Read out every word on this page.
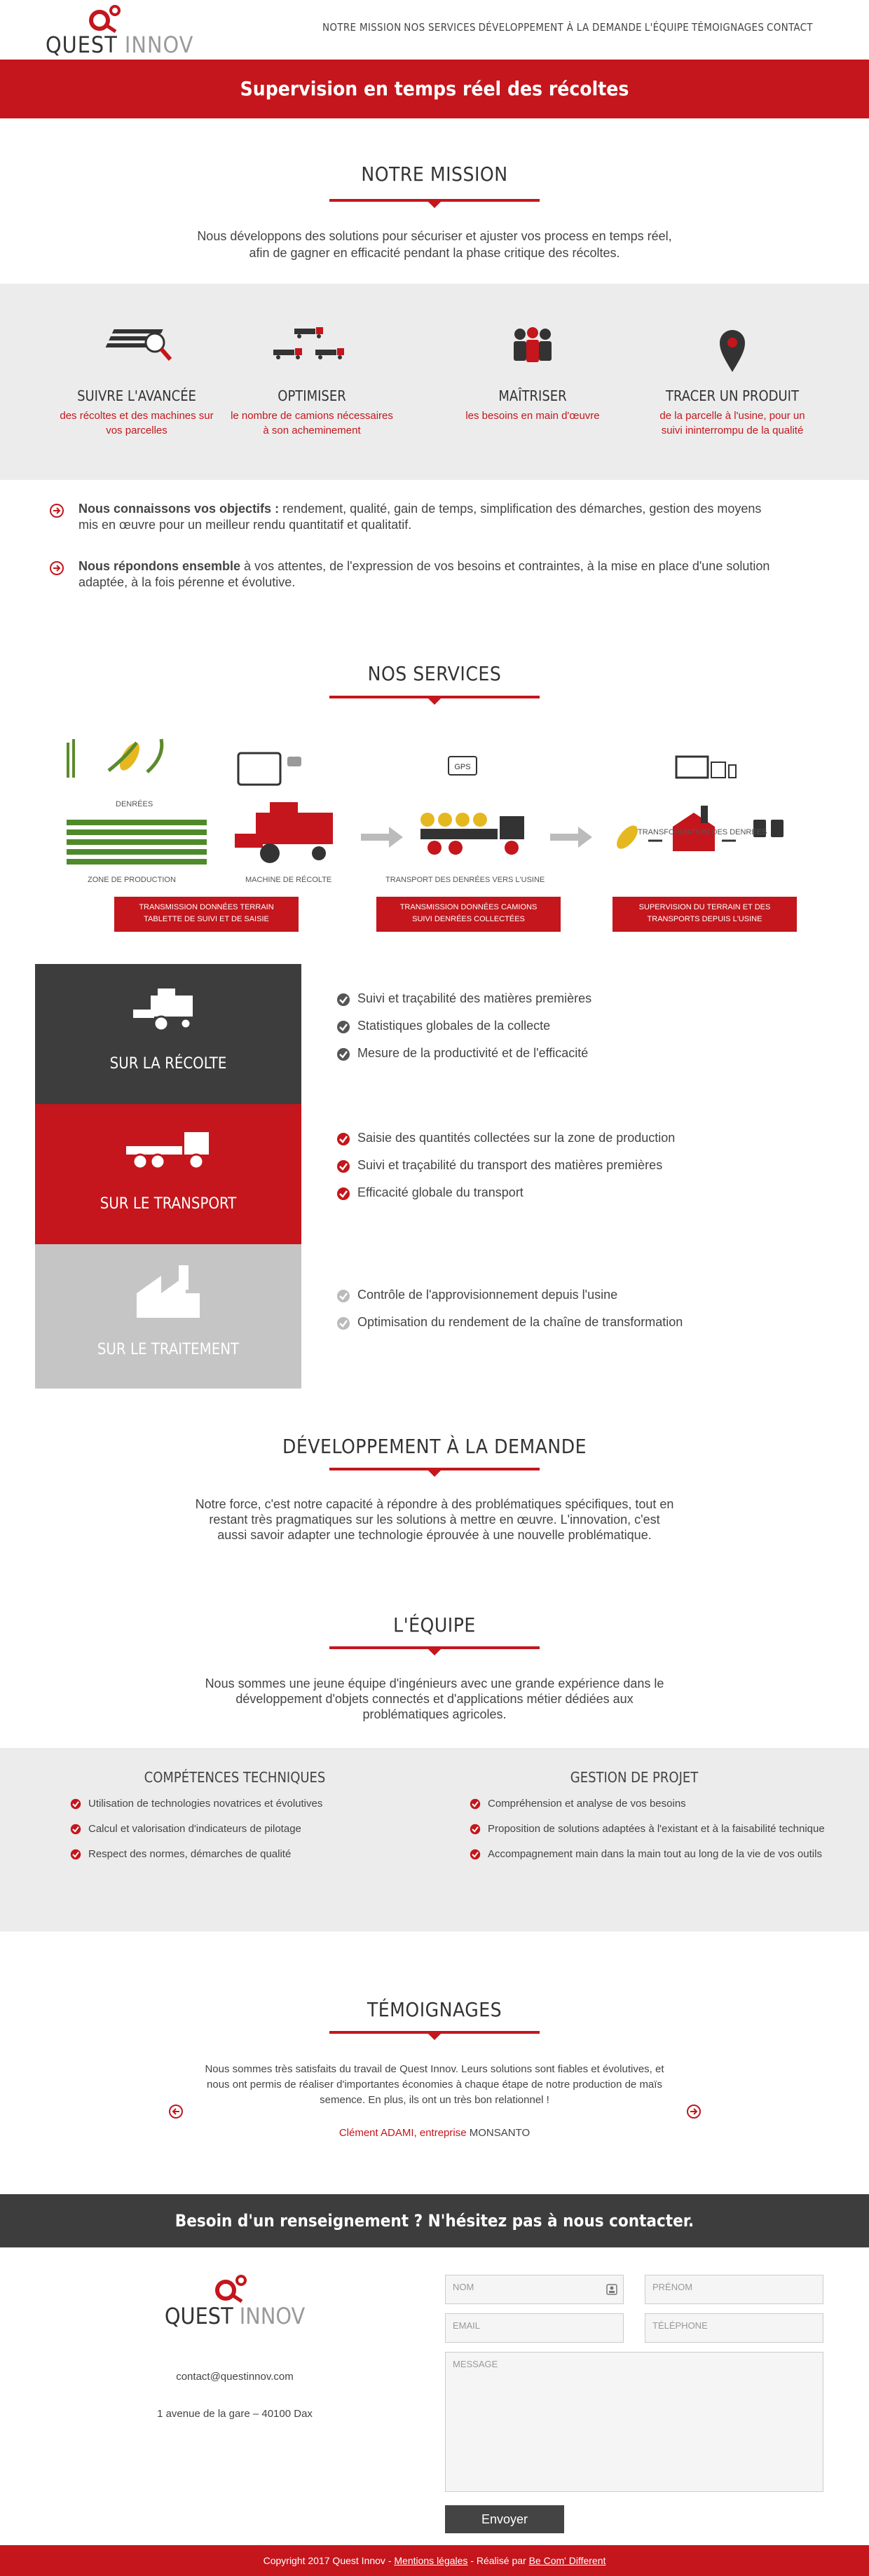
QUEST INNOV
NOTRE MISSION NOS SERVICES DÉVELOPPEMENT À LA DEMANDE L'ÉQUIPE TÉMOIGNAGES CONTACT
Supervision en temps réel des récoltes
NOTRE MISSION
Nous développons des solutions pour sécuriser et ajuster vos process en temps réel,
afin de gagner en efficacité pendant la phase critique des récoltes.
SUIVRE L'AVANCÉE
des récoltes et des machines sur
vos parcelles
OPTIMISER
le nombre de camions nécessaires
à son acheminement
MAÎTRISER
les besoins en main d'œuvre
TRACER UN PRODUIT
de la parcelle à l'usine, pour un
suivi ininterrompu de la qualité
Nous connaissons vos objectifs : rendement, qualité, gain de temps, simplification des démarches, gestion des moyens
mis en œuvre pour un meilleur rendu quantitatif et qualitatif.
Nous répondons ensemble à vos attentes, de l'expression de vos besoins et contraintes, à la mise en place d'une solution
adaptée, à la fois pérenne et évolutive.
NOS SERVICES
GPS
DENRÉES
ZONE DE PRODUCTION	MACHINE DE RÉCOLTE	TRANSPORT DES DENRÉES VERS L'USINE
TRANSFORMATION DES DENRÉES
TRANSMISSION DONNÉES TERRAIN
TABLETTE DE SUIVI ET DE SAISIE
TRANSMISSION DONNÉES CAMIONS
SUIVI DENRÉES COLLECTÉES
SUPERVISION DU TERRAIN ET DES
TRANSPORTS DEPUIS L'USINE
SUR LA RÉCOLTE
Suivi et traçabilité des matières premières
Statistiques globales de la collecte
Mesure de la productivité et de l'efficacité
SUR LE TRANSPORT
Saisie des quantités collectées sur la zone de production
Suivi et traçabilité du transport des matières premières
Efficacité globale du transport
SUR LE TRAITEMENT
Contrôle de l'approvisionnement depuis l'usine
Optimisation du rendement de la chaîne de transformation
DÉVELOPPEMENT À LA DEMANDE
Notre force, c'est notre capacité à répondre à des problématiques spécifiques, tout en
restant très pragmatiques sur les solutions à mettre en œuvre. L'innovation, c'est
aussi savoir adapter une technologie éprouvée à une nouvelle problématique.
L'ÉQUIPE
Nous sommes une jeune équipe d'ingénieurs avec une grande expérience dans le
développement d'objets connectés et d'applications métier dédiées aux
problématiques agricoles.
COMPÉTENCES TECHNIQUES
Utilisation de technologies novatrices et évolutives
Calcul et valorisation d'indicateurs de pilotage
Respect des normes, démarches de qualité
GESTION DE PROJET
Compréhension et analyse de vos besoins
Proposition de solutions adaptées à l'existant et à la faisabilité technique
Accompagnement main dans la main tout au long de la vie de vos outils
TÉMOIGNAGES
Nous sommes très satisfaits du travail de Quest Innov. Leurs solutions sont fiables et évolutives, et
nous ont permis de réaliser d'importantes économies à chaque étape de notre production de maïs
semence. En plus, ils ont un très bon relationnel !
Clément ADAMI, entreprise MONSANTO
Besoin d'un renseignement ? N'hésitez pas à nous contacter.
QUEST INNOV
contact@questinnov.com
1 avenue de la gare – 40100 Dax
NOM	PRÉNOM
EMAIL	TÉLÉPHONE
MESSAGE
Envoyer
Copyright 2017 Quest Innov - Mentions légales - Réalisé par Be Com' Different
